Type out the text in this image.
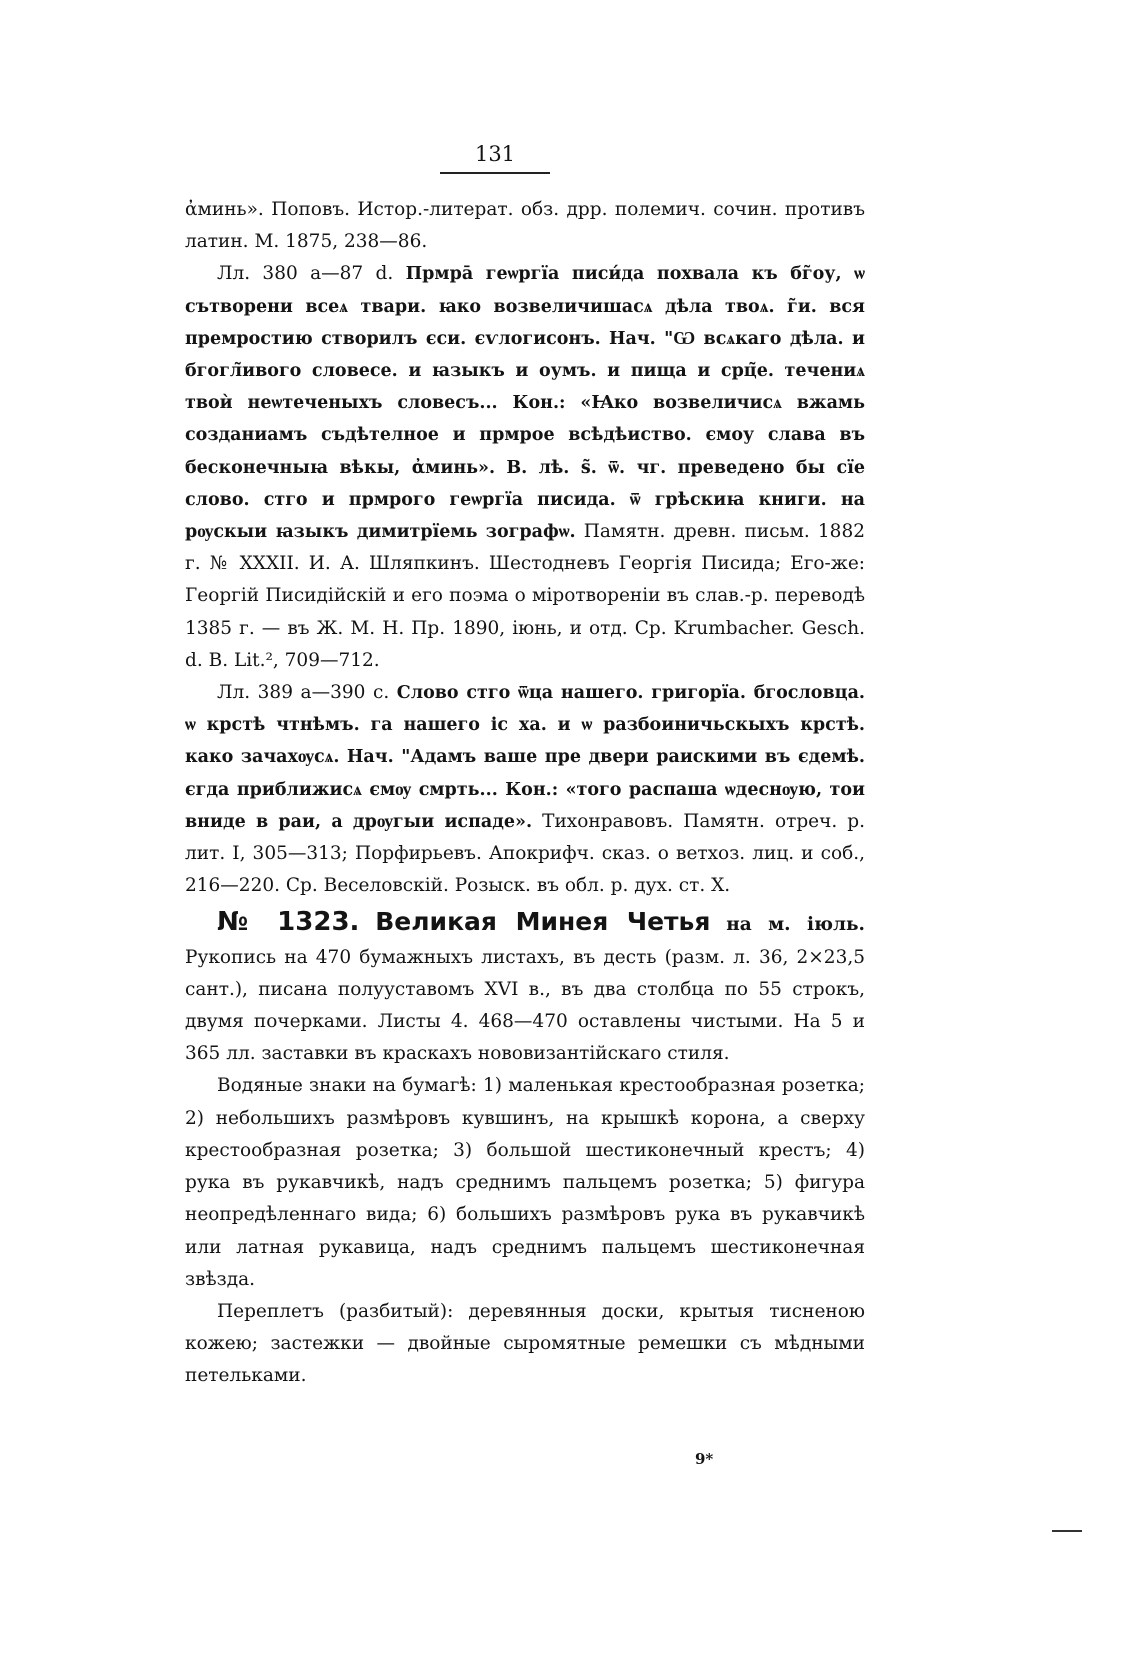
131

ἀминь». Поповъ. Истор.-литерат. обз. дрр. полемич. сочин. противъ латин. М. 1875, 238—86.

Лл. 380 а—87 d. Прмрā геѡргїа писи́да похвала къ бг̃оу, ѡ сътворени всеѧ твари. ꙗко возвеличишасѧ дѣла твоѧ. г̃и. вся премростию створилъ єси. єѵлогисонъ. Нач. "Ѡ всѧкаго дѣла. и бгогл̃ивого словесе. и ꙗзыкъ и оумъ. и пища и срц̃е. течениѧ твоѝ неѡтеченыхъ словесъ... Кон.: «Ꙗко возвеличисѧ вжамь созданиамъ съдѣтелное и прмрое всѣдѣиство. ємоу слава въ бесконечныꙗ вѣкы, ἀминь». В. лѣ. ѕ̃. ѿ. чг. преведено бы сїе слово. стго и прмрого геѡргїа писида. ѿ грѣскиꙗ книги. на рѹскыи ꙗзыкъ димитрїемь зографѡ. Памятн. древн. письм. 1882 г. № XXXII. И. А. Шляпкинъ. Шестодневъ Георгія Писида; Его-же: Георгій Писидійскій и его поэма о міротвореніи въ слав.-р. переводѣ 1385 г. — въ Ж. М. Н. Пр. 1890, іюнь, и отд. Ср. Krumbacher. Gesch. d. B. Lit.², 709—712.

Лл. 389 а—390 с. Слово стго ѿца нашего. григорїа. бгословца. ѡ крстѣ чтнѣмъ. га нашего іс ха. и ѡ разбоиничьскыхъ крстѣ. како зачахѹсѧ. Нач. "Адамъ ваше пре двери раискими въ єдемѣ. єгда приближисѧ ємѹ смрть... Кон.: «того распаша ѡдеснѹю, тои вниде в раи, а дрѹгыи испаде». Тихонравовъ. Памятн. отреч. р. лит. I, 305—313; Порфирьевъ. Апокрифч. сказ. о ветхоз. лиц. и соб., 216—220. Ср. Веселовскій. Розыск. въ обл. р. дух. ст. X.

№ 1323. Великая Минея Четья на м. іюль. Рукопись на 470 бумажныхъ листахъ, въ десть (разм. л. 36, 2×23,5 сант.), писана полууставомъ XVI в., въ два столбца по 55 строкъ, двумя почерками. Листы 4. 468—470 оставлены чистыми. На 5 и 365 лл. заставки въ краскахъ нововизантійскаго стиля.

Водяные знаки на бумагѣ: 1) маленькая крестообразная розетка; 2) небольшихъ размѣровъ кувшинъ, на крышкѣ корона, а сверху крестообразная розетка; 3) большой шестиконечный крестъ; 4) рука въ рукавчикѣ, надъ среднимъ пальцемъ розетка; 5) фигура неопредѣленнаго вида; 6) большихъ размѣровъ рука въ рукавчикѣ или латная рукавица, надъ среднимъ пальцемъ шестиконечная звѣзда.

Переплетъ (разбитый): деревянныя доски, крытыя тисненою кожею; застежки — двойные сыромятные ремешки съ мѣдными петельками.

9*
